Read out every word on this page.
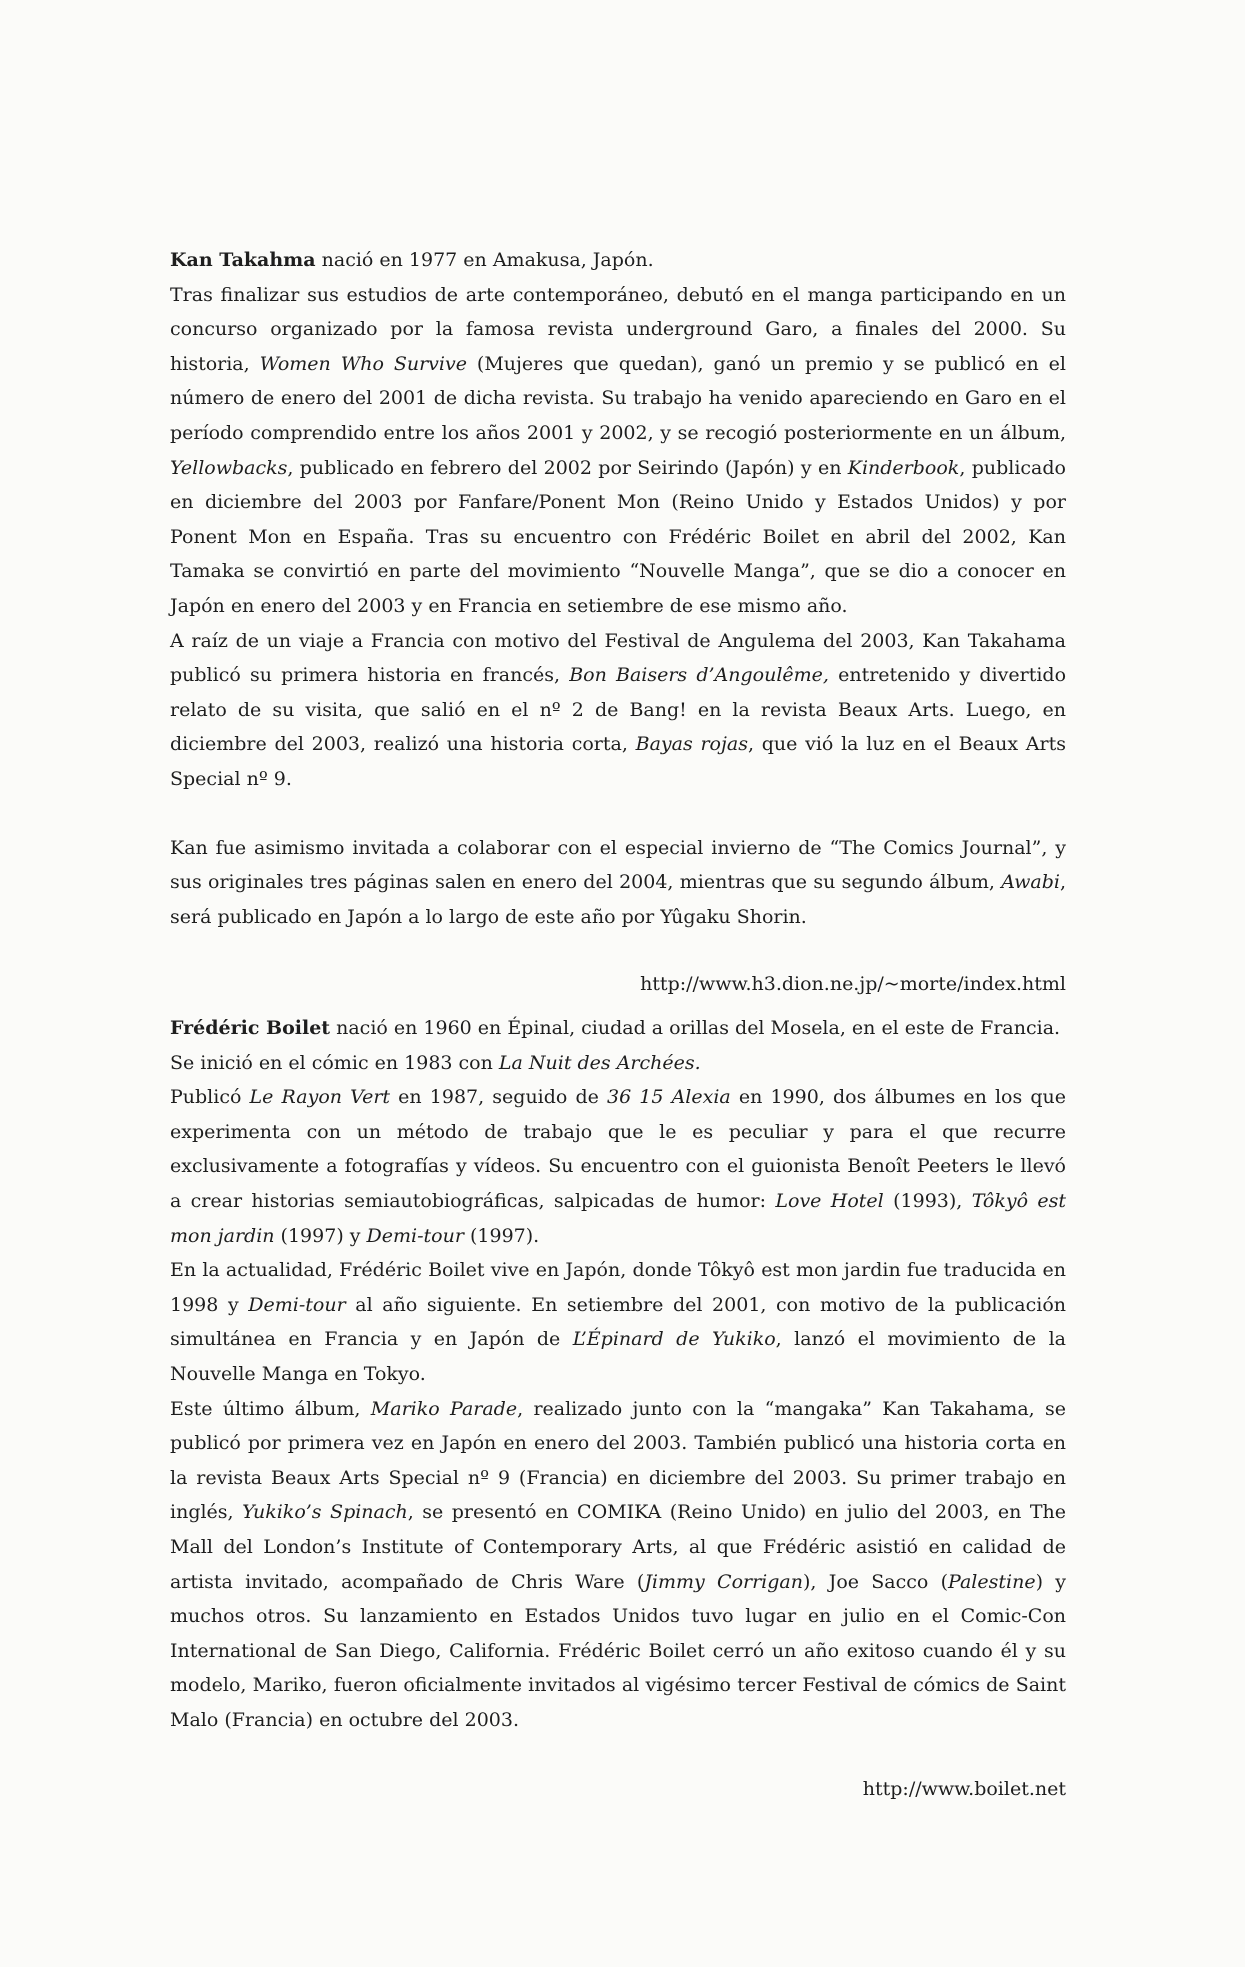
Kan Takahma nació en 1977 en Amakusa, Japón.

Tras finalizar sus estudios de arte contemporáneo, debutó en el manga participando en un concurso organizado por la famosa revista underground Garo, a finales del 2000. Su historia, Women Who Survive (Mujeres que quedan), ganó un premio y se publicó en el número de enero del 2001 de dicha revista. Su trabajo ha venido apareciendo en Garo en el período comprendido entre los años 2001 y 2002, y se recogió posteriormente en un álbum, Yellowbacks, publicado en febrero del 2002 por Seirindo (Japón) y en Kinderbook, publicado en diciembre del 2003 por Fanfare/Ponent Mon (Reino Unido y Estados Unidos) y por Ponent Mon en España. Tras su encuentro con Frédéric Boilet en abril del 2002, Kan Tamaka se convirtió en parte del movimiento “Nouvelle Manga”, que se dio a conocer en Japón en enero del 2003 y en Francia en setiembre de ese mismo año.

A raíz de un viaje a Francia con motivo del Festival de Angulema del 2003, Kan Takahama publicó su primera historia en francés, Bon Baisers d’Angoulême, entretenido y divertido relato de su visita, que salió en el nº 2 de Bang! en la revista Beaux Arts. Luego, en diciembre del 2003, realizó una historia corta, Bayas rojas, que vió la luz en el Beaux Arts Special nº 9.

Kan fue asimismo invitada a colaborar con el especial invierno de “The Comics Journal”, y sus originales tres páginas salen en enero del 2004, mientras que su segundo álbum, Awabi, será publicado en Japón a lo largo de este año por Yûgaku Shorin.

http://www.h3.dion.ne.jp/~morte/index.html

Frédéric Boilet nació en 1960 en Épinal, ciudad a orillas del Mosela, en el este de Francia.

Se inició en el cómic en 1983 con La Nuit des Archées.

Publicó Le Rayon Vert en 1987, seguido de 36 15 Alexia en 1990, dos álbumes en los que experimenta con un método de trabajo que le es peculiar y para el que recurre exclusivamente a fotografías y vídeos. Su encuentro con el guionista Benoît Peeters le llevó a crear historias semiautobiográficas, salpicadas de humor: Love Hotel (1993), Tôkyô est mon jardin (1997) y Demi-tour (1997).

En la actualidad, Frédéric Boilet vive en Japón, donde Tôkyô est mon jardin fue traducida en 1998 y Demi-tour al año siguiente. En setiembre del 2001, con motivo de la publicación simultánea en Francia y en Japón de L’Épinard de Yukiko, lanzó el movimiento de la Nouvelle Manga en Tokyo.

Este último álbum, Mariko Parade, realizado junto con la “mangaka” Kan Takahama, se publicó por primera vez en Japón en enero del 2003. También publicó una historia corta en la revista Beaux Arts Special nº 9 (Francia) en diciembre del 2003. Su primer trabajo en inglés, Yukiko’s Spinach, se presentó en COMIKA (Reino Unido) en julio del 2003, en The Mall del London’s Institute of Contemporary Arts, al que Frédéric asistió en calidad de artista invitado, acompañado de Chris Ware (Jimmy Corrigan), Joe Sacco (Palestine) y muchos otros. Su lanzamiento en Estados Unidos tuvo lugar en julio en el Comic-Con International de San Diego, California. Frédéric Boilet cerró un año exitoso cuando él y su modelo, Mariko, fueron oficialmente invitados al vigésimo tercer Festival de cómics de Saint Malo (Francia) en octubre del 2003.

http://www.boilet.net
